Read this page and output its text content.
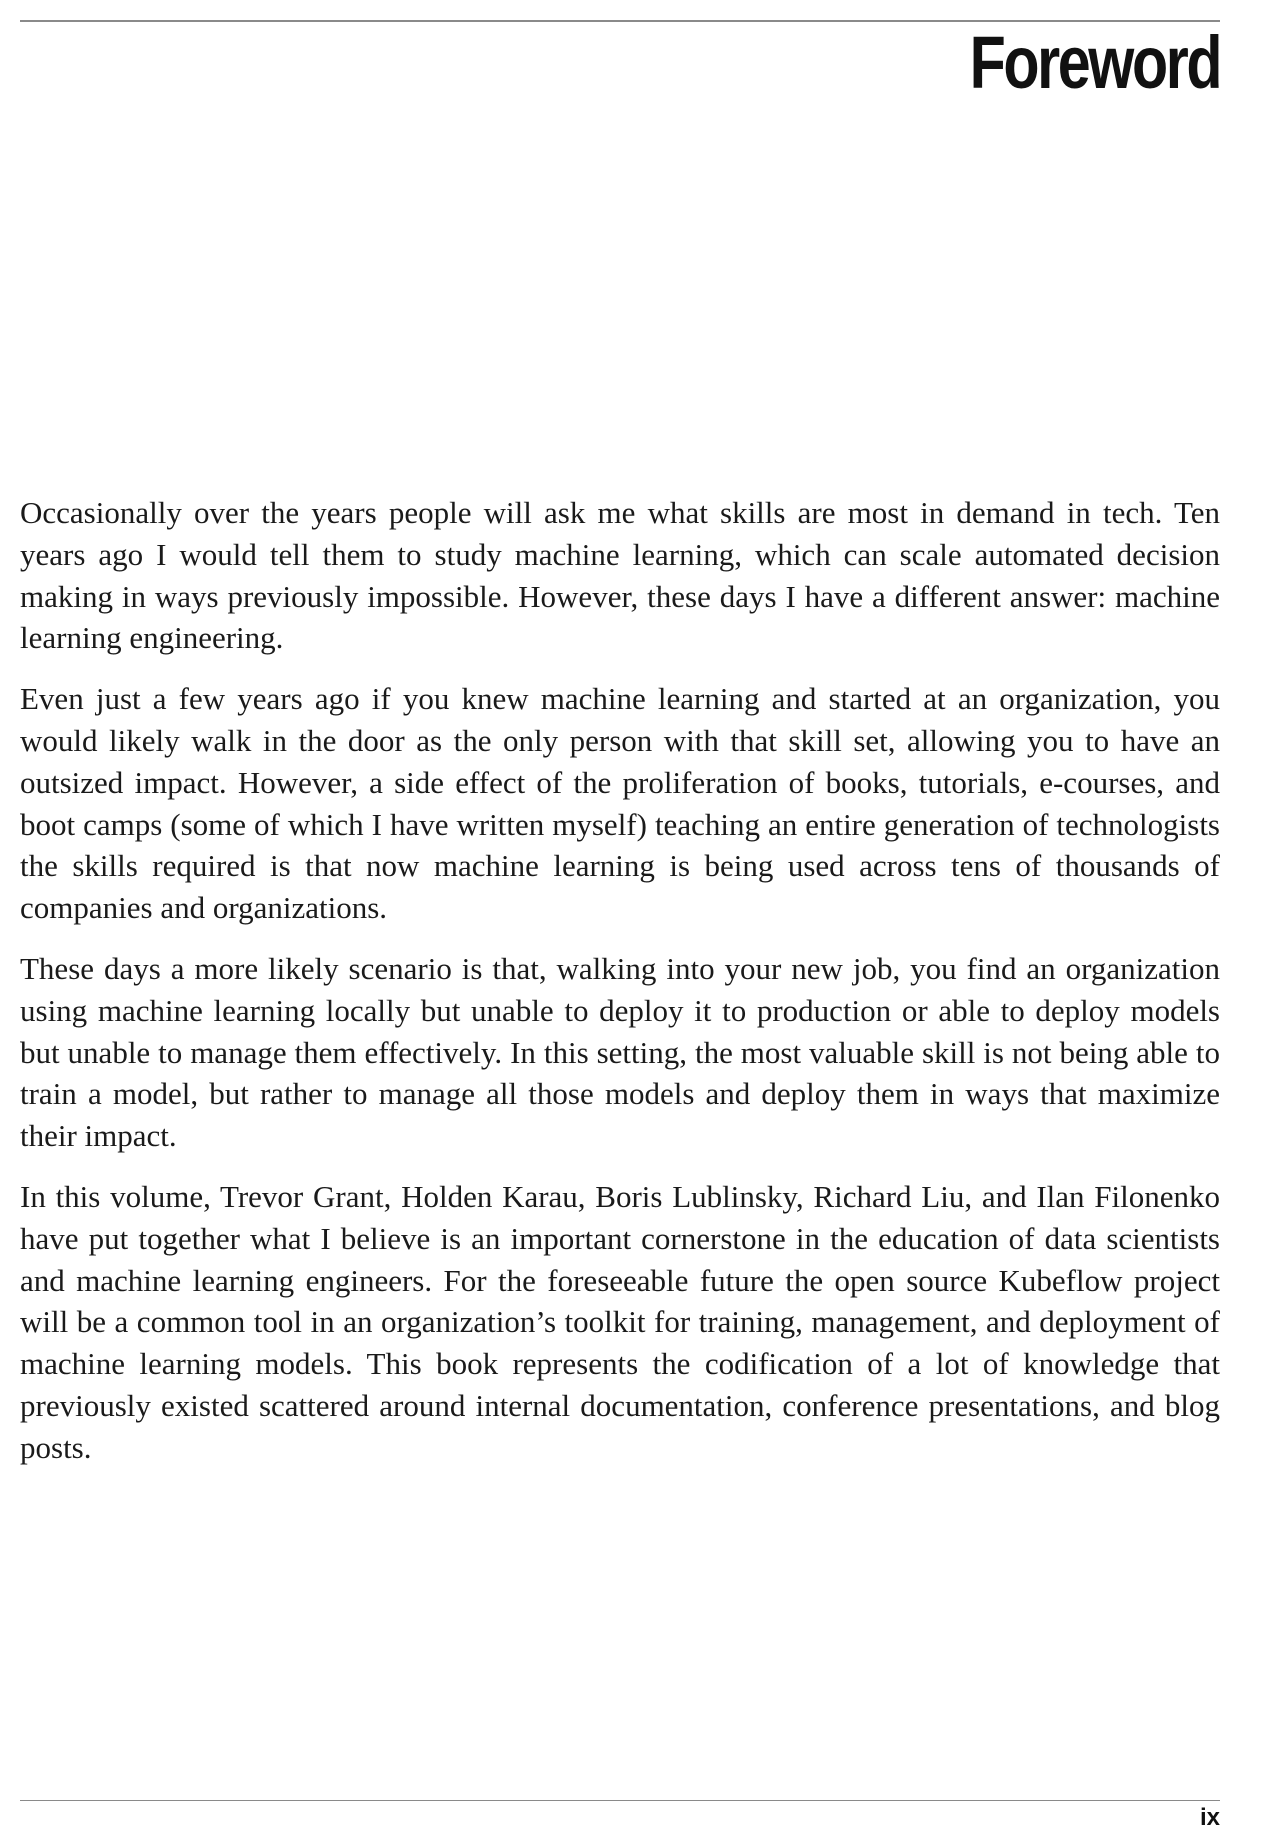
Foreword

Occasionally over the years people will ask me what skills are most in demand in tech. Ten years ago I would tell them to study machine learning, which can scale automated decision making in ways previously impossible. However, these days I have a different answer: machine learning engineering.

Even just a few years ago if you knew machine learning and started at an organization, you would likely walk in the door as the only person with that skill set, allowing you to have an outsized impact. However, a side effect of the proliferation of books, tutorials, e-courses, and boot camps (some of which I have written myself) teaching an entire generation of technologists the skills required is that now machine learning is being used across tens of thousands of companies and organizations.

These days a more likely scenario is that, walking into your new job, you find an organization using machine learning locally but unable to deploy it to production or able to deploy models but unable to manage them effectively. In this setting, the most valuable skill is not being able to train a model, but rather to manage all those models and deploy them in ways that maximize their impact.

In this volume, Trevor Grant, Holden Karau, Boris Lublinsky, Richard Liu, and Ilan Filonenko have put together what I believe is an important cornerstone in the education of data scientists and machine learning engineers. For the foreseeable future the open source Kubeflow project will be a common tool in an organization’s toolkit for training, management, and deployment of machine learning models. This book represents the codification of a lot of knowledge that previously existed scattered around internal documentation, conference presentations, and blog posts.

ix
